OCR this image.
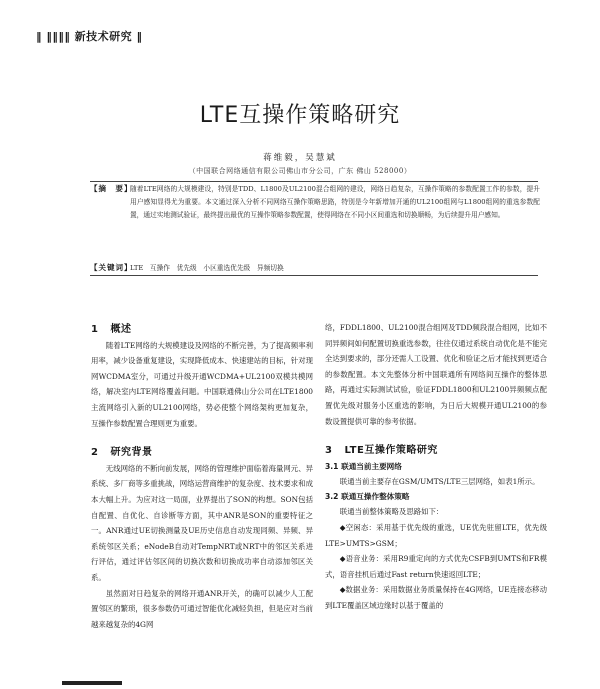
‖ ‖‖‖‖ 新技术研究 ‖
LTE互操作策略研究
蒋维毅，吴慧斌
（中国联合网络通信有限公司佛山市分公司，广东 佛山 528000）
【摘　要】
随着LTE网络的大规模建设，特别是TDD、L1800及UL2100混合组网的建设，网络日趋复杂，互操作策略的参数配置工作的参数，提升用户感知显得尤为重要。本文通过深入分析不同网络互操作策略思路，特别是今年新增加开通的UL2100组网与L1800组网的重选参数配置，通过实地测试验证，最终提出最优的互操作策略参数配置，使得网络在不同小区间重选和切换顺畅，为后续提升用户感知。
【关键词】
LTE　互操作　优先级　小区重选优先级　异频切换
1 概述

随着LTE网络的大规模建设及网络的不断完善，为了提高频率利用率，减少设备重复建设，实现降低成本、快速建站的目标，针对现网WCDMA室分，可通过升级开通WCDMA+UL2100双模共模网络，解决室内LTE网络覆盖问题。中国联通佛山分公司在LTE1800主流网络引入新的UL2100网络，势必使整个网络架构更加复杂，互操作参数配置合理则更为重要。

2 研究背景

无线网络的不断向前发展，网络的管理维护面临着海量网元、异系统、多厂商等多重挑战，网络运营商维护的复杂度、技术要求和成本大幅上升。为应对这一局面，业界提出了SON的构想。SON包括自配置、自优化、自诊断等方面，其中ANR是SON的重要特征之一。ANR通过UE切换测量及UE历史信息自动发现同频、异频、异系统邻区关系；eNodeB自动对TempNRT或NRT中的邻区关系进行评估，通过评估邻区间的切换次数和切换成功率自动添加邻区关系。

虽然面对日趋复杂的网络开通ANR开关，的确可以减少人工配置邻区的繁琐，很多参数仍可通过智能优化减轻负担，但是应对当前越来越复杂的4G网

络，FDDL1800、UL2100混合组网及TDD频段混合组网，比如不同异频间如何配置切换重选参数，往往仅通过系统自动优化是不能完全达到要求的，部分还需人工设置、优化和验证之后才能找到更适合的参数配置。本文先整体分析中国联通所有网络间互操作的整体思路，再通过实际测试试验，验证FDDL1800和UL2100异频频点配置优先级对服务小区重选的影响，为日后大规模开通UL2100的参数设置提供可靠的参考依据。

3 LTE互操作策略研究
3.1 联通当前主要网络

联通当前主要存在GSM/UMTS/LTE三层网络，如表1所示。

3.2 联通互操作整体策略

联通当前整体策略及思路如下：

◆空闲态：采用基于优先级的重选，UE优先驻留LTE，优先级LTE>UMTS>GSM；

◆语音业务：采用R9重定向的方式优先CSFB到UMTS和FR模式，语音挂机后通过Fast return快速返回LTE；

◆数据业务：采用数据业务质量保持在4G网络，UE连接态移动到LTE覆盖区域边缘时以基于覆盖的
